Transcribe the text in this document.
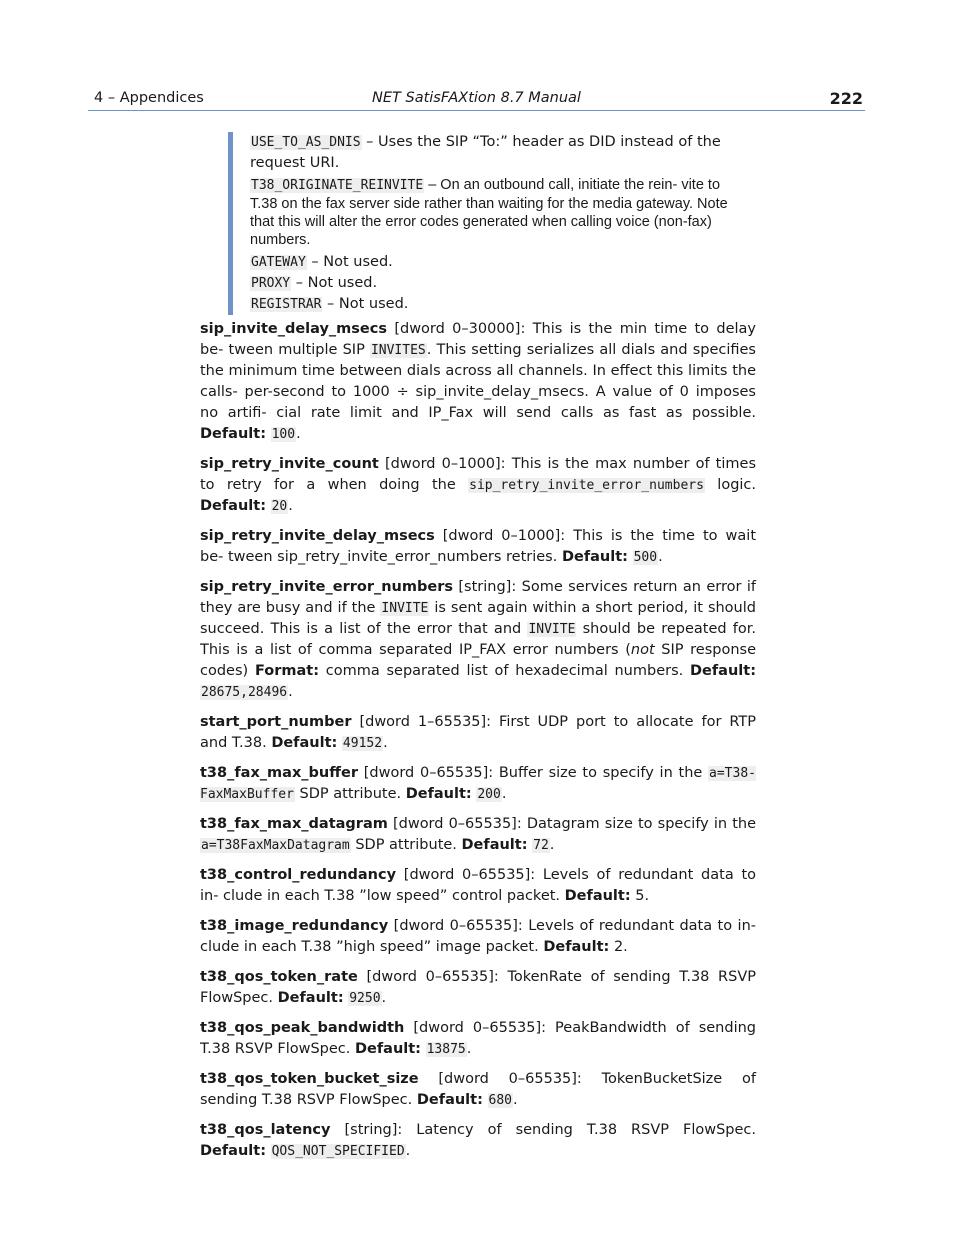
4 – Appendices	NET SatisFAXtion 8.7 Manual	222
USE_TO_AS_DNIS – Uses the SIP “To:” header as DID instead of the request URI.
T38_ORIGINATE_REINVITE – On an outbound call, initiate the rein- vite to T.38 on the fax server side rather than waiting for the media gateway. Note that this will alter the error codes generated when calling voice (non-fax) numbers.
GATEWAY – Not used.
PROXY – Not used.
REGISTRAR – Not used.

sip_invite_delay_msecs [dword 0–30000]: This is the min time to delay be- tween multiple SIP INVITES. This setting serializes all dials and specifies the minimum time between dials across all channels. In effect this limits the calls- per-second to 1000 ÷ sip_invite_delay_msecs. A value of 0 imposes no artifi- cial rate limit and IP_Fax will send calls as fast as possible. Default: 100.

sip_retry_invite_count [dword 0–1000]: This is the max number of times to retry for a when doing the sip_retry_invite_error_numbers logic. Default: 20.

sip_retry_invite_delay_msecs [dword 0–1000]: This is the time to wait be- tween sip_retry_invite_error_numbers retries. Default: 500.

sip_retry_invite_error_numbers [string]: Some services return an error if they are busy and if the INVITE is sent again within a short period, it should succeed. This is a list of the error that and INVITE should be repeated for. This is a list of comma separated IP_FAX error numbers (not SIP response codes) Format: comma separated list of hexadecimal numbers. Default: 28675,28496.

start_port_number [dword 1–65535]: First UDP port to allocate for RTP and T.38. Default: 49152.

t38_fax_max_buffer [dword 0–65535]: Buffer size to specify in the a=T38- FaxMaxBuffer SDP attribute. Default: 200.

t38_fax_max_datagram [dword 0–65535]: Datagram size to specify in the a=T38FaxMaxDatagram SDP attribute. Default: 72.

t38_control_redundancy [dword 0–65535]: Levels of redundant data to in- clude in each T.38 ”low speed” control packet. Default: 5.

t38_image_redundancy [dword 0–65535]: Levels of redundant data to in- clude in each T.38 ”high speed” image packet. Default: 2.

t38_qos_token_rate [dword 0–65535]: TokenRate of sending T.38 RSVP FlowSpec. Default: 9250.

t38_qos_peak_bandwidth [dword 0–65535]: PeakBandwidth of sending T.38 RSVP FlowSpec. Default: 13875.

t38_qos_token_bucket_size [dword 0–65535]: TokenBucketSize of sending T.38 RSVP FlowSpec. Default: 680.

t38_qos_latency [string]: Latency of sending T.38 RSVP FlowSpec. Default: QOS_NOT_SPECIFIED.
